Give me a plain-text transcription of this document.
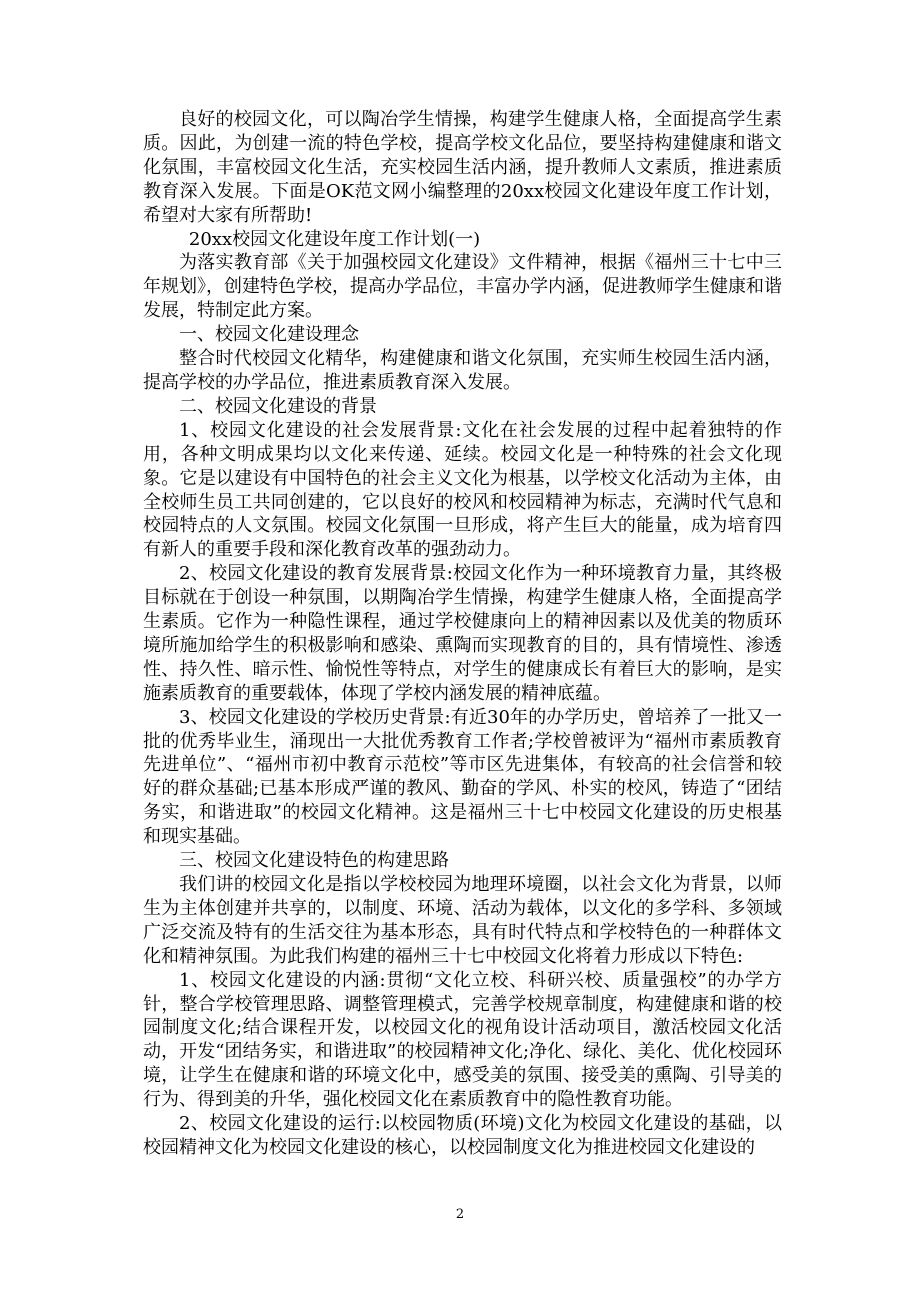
良好的校园文化，可以陶冶学生情操，构建学生健康人格，全面提高学生素质。因此，为创建一流的特色学校，提高学校文化品位，要坚持构建健康和谐文化氛围，丰富校园文化生活，充实校园生活内涵，提升教师人文素质，推进素质教育深入发展。下面是OK范文网小编整理的20xx校园文化建设年度工作计划，希望对大家有所帮助!

20xx校园文化建设年度工作计划(一)

为落实教育部《关于加强校园文化建设》文件精神，根据《福州三十七中三年规划》，创建特色学校，提高办学品位，丰富办学内涵，促进教师学生健康和谐发展，特制定此方案。

一、校园文化建设理念

整合时代校园文化精华，构建健康和谐文化氛围，充实师生校园生活内涵，提高学校的办学品位，推进素质教育深入发展。

二、校园文化建设的背景

1、校园文化建设的社会发展背景:文化在社会发展的过程中起着独特的作用，各种文明成果均以文化来传递、延续。校园文化是一种特殊的社会文化现象。它是以建设有中国特色的社会主义文化为根基，以学校文化活动为主体，由全校师生员工共同创建的，它以良好的校风和校园精神为标志，充满时代气息和校园特点的人文氛围。校园文化氛围一旦形成，将产生巨大的能量，成为培育四有新人的重要手段和深化教育改革的强劲动力。

2、校园文化建设的教育发展背景:校园文化作为一种环境教育力量，其终极目标就在于创设一种氛围，以期陶冶学生情操，构建学生健康人格，全面提高学生素质。它作为一种隐性课程，通过学校健康向上的精神因素以及优美的物质环境所施加给学生的积极影响和感染、熏陶而实现教育的目的，具有情境性、渗透性、持久性、暗示性、愉悦性等特点，对学生的健康成长有着巨大的影响，是实施素质教育的重要载体，体现了学校内涵发展的精神底蕴。

3、校园文化建设的学校历史背景:有近30年的办学历史，曾培养了一批又一批的优秀毕业生，涌现出一大批优秀教育工作者;学校曾被评为“福州市素质教育先进单位”、“福州市初中教育示范校”等市区先进集体，有较高的社会信誉和较好的群众基础;已基本形成严谨的教风、勤奋的学风、朴实的校风，铸造了“团结务实，和谐进取”的校园文化精神。这是福州三十七中校园文化建设的历史根基和现实基础。

三、校园文化建设特色的构建思路

我们讲的校园文化是指以学校校园为地理环境圈，以社会文化为背景，以师生为主体创建并共享的，以制度、环境、活动为载体，以文化的多学科、多领域广泛交流及特有的生活交往为基本形态，具有时代特点和学校特色的一种群体文化和精神氛围。为此我们构建的福州三十七中校园文化将着力形成以下特色:

1、校园文化建设的内涵:贯彻“文化立校、科研兴校、质量强校”的办学方针，整合学校管理思路、调整管理模式，完善学校规章制度，构建健康和谐的校园制度文化;结合课程开发，以校园文化的视角设计活动项目，激活校园文化活动，开发“团结务实，和谐进取”的校园精神文化;净化、绿化、美化、优化校园环境，让学生在健康和谐的环境文化中，感受美的氛围、接受美的熏陶、引导美的行为、得到美的升华，强化校园文化在素质教育中的隐性教育功能。

2、校园文化建设的运行:以校园物质(环境)文化为校园文化建设的基础，以校园精神文化为校园文化建设的核心，以校园制度文化为推进校园文化建设的

2
